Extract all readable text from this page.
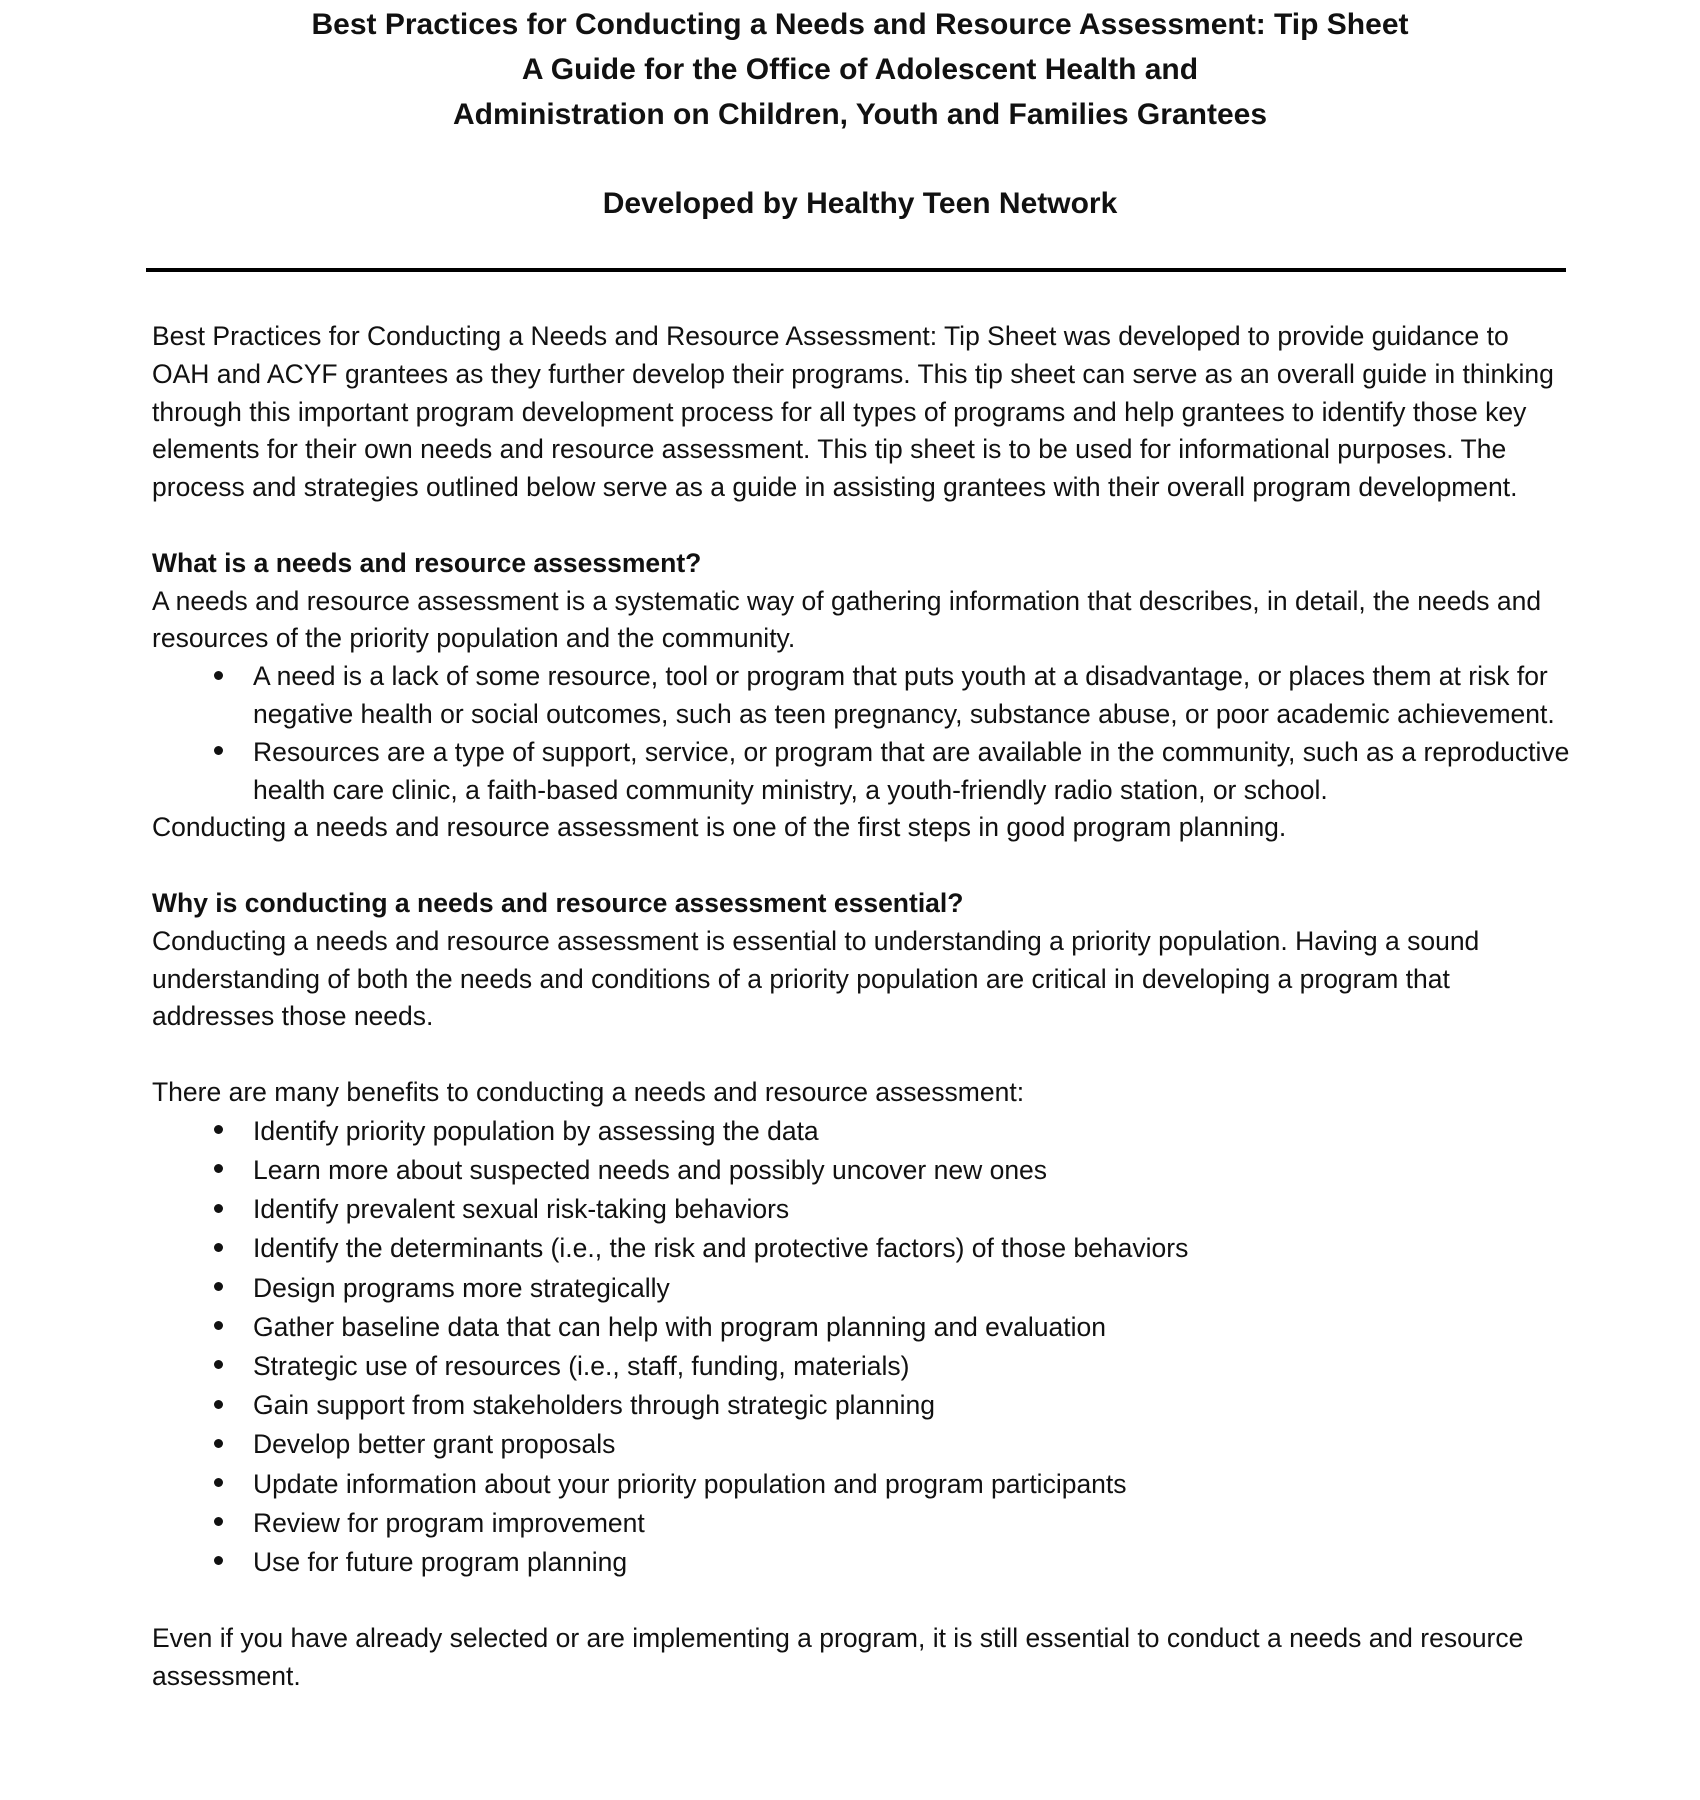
Best Practices for Conducting a Needs and Resource Assessment: Tip Sheet
A Guide for the Office of Adolescent Health and
Administration on Children, Youth and Families Grantees
Developed by Healthy Teen Network

Best Practices for Conducting a Needs and Resource Assessment: Tip Sheet was developed to provide guidance to OAH and ACYF grantees as they further develop their programs. This tip sheet can serve as an overall guide in thinking through this important program development process for all types of programs and help grantees to identify those key elements for their own needs and resource assessment. This tip sheet is to be used for informational purposes. The process and strategies outlined below serve as a guide in assisting grantees with their overall program development.

What is a needs and resource assessment?

A needs and resource assessment is a systematic way of gathering information that describes, in detail, the needs and resources of the priority population and the community.

A need is a lack of some resource, tool or program that puts youth at a disadvantage, or places them at risk for negative health or social outcomes, such as teen pregnancy, substance abuse, or poor academic achievement.
Resources are a type of support, service, or program that are available in the community, such as a reproductive health care clinic, a faith-based community ministry, a youth-friendly radio station, or school.

Conducting a needs and resource assessment is one of the first steps in good program planning.

Why is conducting a needs and resource assessment essential?

Conducting a needs and resource assessment is essential to understanding a priority population. Having a sound understanding of both the needs and conditions of a priority population are critical in developing a program that addresses those needs.

There are many benefits to conducting a needs and resource assessment:

Identify priority population by assessing the data
Learn more about suspected needs and possibly uncover new ones
Identify prevalent sexual risk-taking behaviors
Identify the determinants (i.e., the risk and protective factors) of those behaviors
Design programs more strategically
Gather baseline data that can help with program planning and evaluation
Strategic use of resources (i.e., staff, funding, materials)
Gain support from stakeholders through strategic planning
Develop better grant proposals
Update information about your priority population and program participants
Review for program improvement
Use for future program planning

Even if you have already selected or are implementing a program, it is still essential to conduct a needs and resource assessment.
